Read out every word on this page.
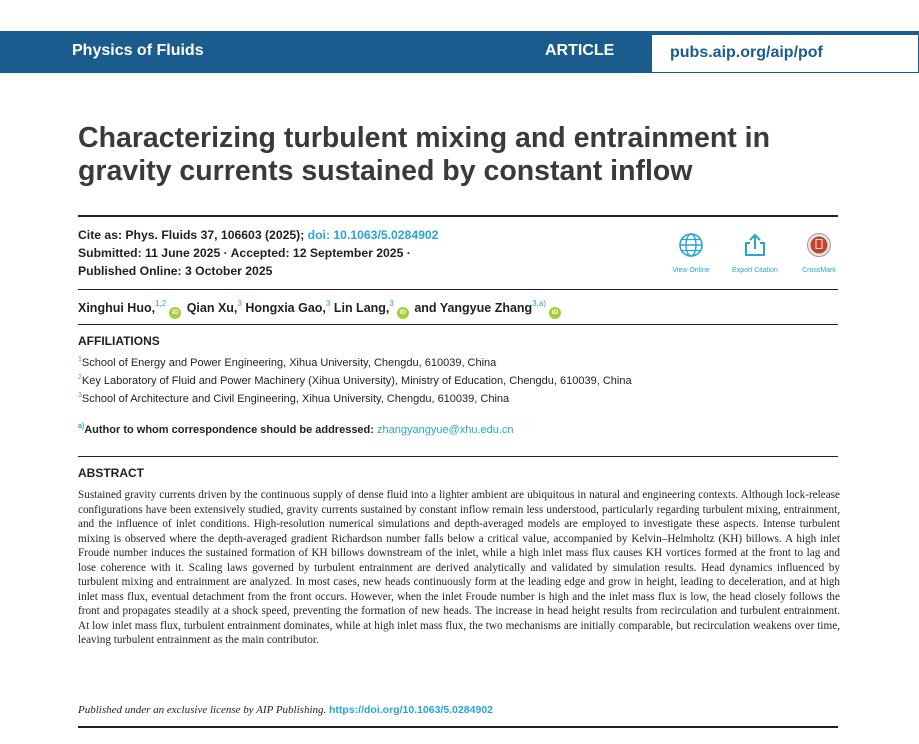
Physics of Fluids	ARTICLE	pubs.aip.org/aip/pof
Characterizing turbulent mixing and entrainment in gravity currents sustained by constant inflow
Cite as: Phys. Fluids 37, 106603 (2025); doi: 10.1063/5.0284902
Submitted: 11 June 2025 · Accepted: 12 September 2025 ·
Published Online: 3 October 2025	View Online	Export Citation	CrossMark
Xinghui Huo,$^{1,2}$iD Qian Xu,$^3$ Hongxia Gao,$^3$ Lin Lang,$^3$iD and Yangyue Zhang$^{3,a)}$iD
AFFILIATIONS
$^1$School of Energy and Power Engineering, Xihua University, Chengdu, 610039, China
$^2$Key Laboratory of Fluid and Power Machinery (Xihua University), Ministry of Education, Chengdu, 610039, China
$^3$School of Architecture and Civil Engineering, Xihua University, Chengdu, 610039, China
$^{a)}$Author to whom correspondence should be addressed: zhangyangyue@xhu.edu.cn
ABSTRACT

Sustained gravity currents driven by the continuous supply of dense fluid into a lighter ambient are ubiquitous in natural and engineering contexts. Although lock-release configurations have been extensively studied, gravity currents sustained by constant inflow remain less understood, particularly regarding turbulent mixing, entrainment, and the influence of inlet conditions. High-resolution numerical simulations and depth-averaged models are employed to investigate these aspects. Intense turbulent mixing is observed where the depth-averaged gradient Richardson number falls below a critical value, accompanied by Kelvin–Helmholtz (KH) billows. A high inlet Froude number induces the sustained formation of KH billows downstream of the inlet, while a high inlet mass flux causes KH vortices formed at the front to lag and lose coherence with it. Scaling laws governed by turbulent entrainment are derived analytically and validated by simulation results. Head dynamics influenced by turbulent mixing and entrainment are analyzed. In most cases, new heads continuously form at the leading edge and grow in height, leading to deceleration, and at high inlet mass flux, eventual detachment from the front occurs. However, when the inlet Froude number is high and the inlet mass flux is low, the head closely follows the front and propagates steadily at a shock speed, preventing the formation of new heads. The increase in head height results from recirculation and turbulent entrainment. At low inlet mass flux, turbulent entrainment dominates, while at high inlet mass flux, the two mechanisms are initially comparable, but recirculation weakens over time, leaving turbulent entrainment as the main contributor.

Published under an exclusive license by AIP Publishing. https://doi.org/10.1063/5.0284902
